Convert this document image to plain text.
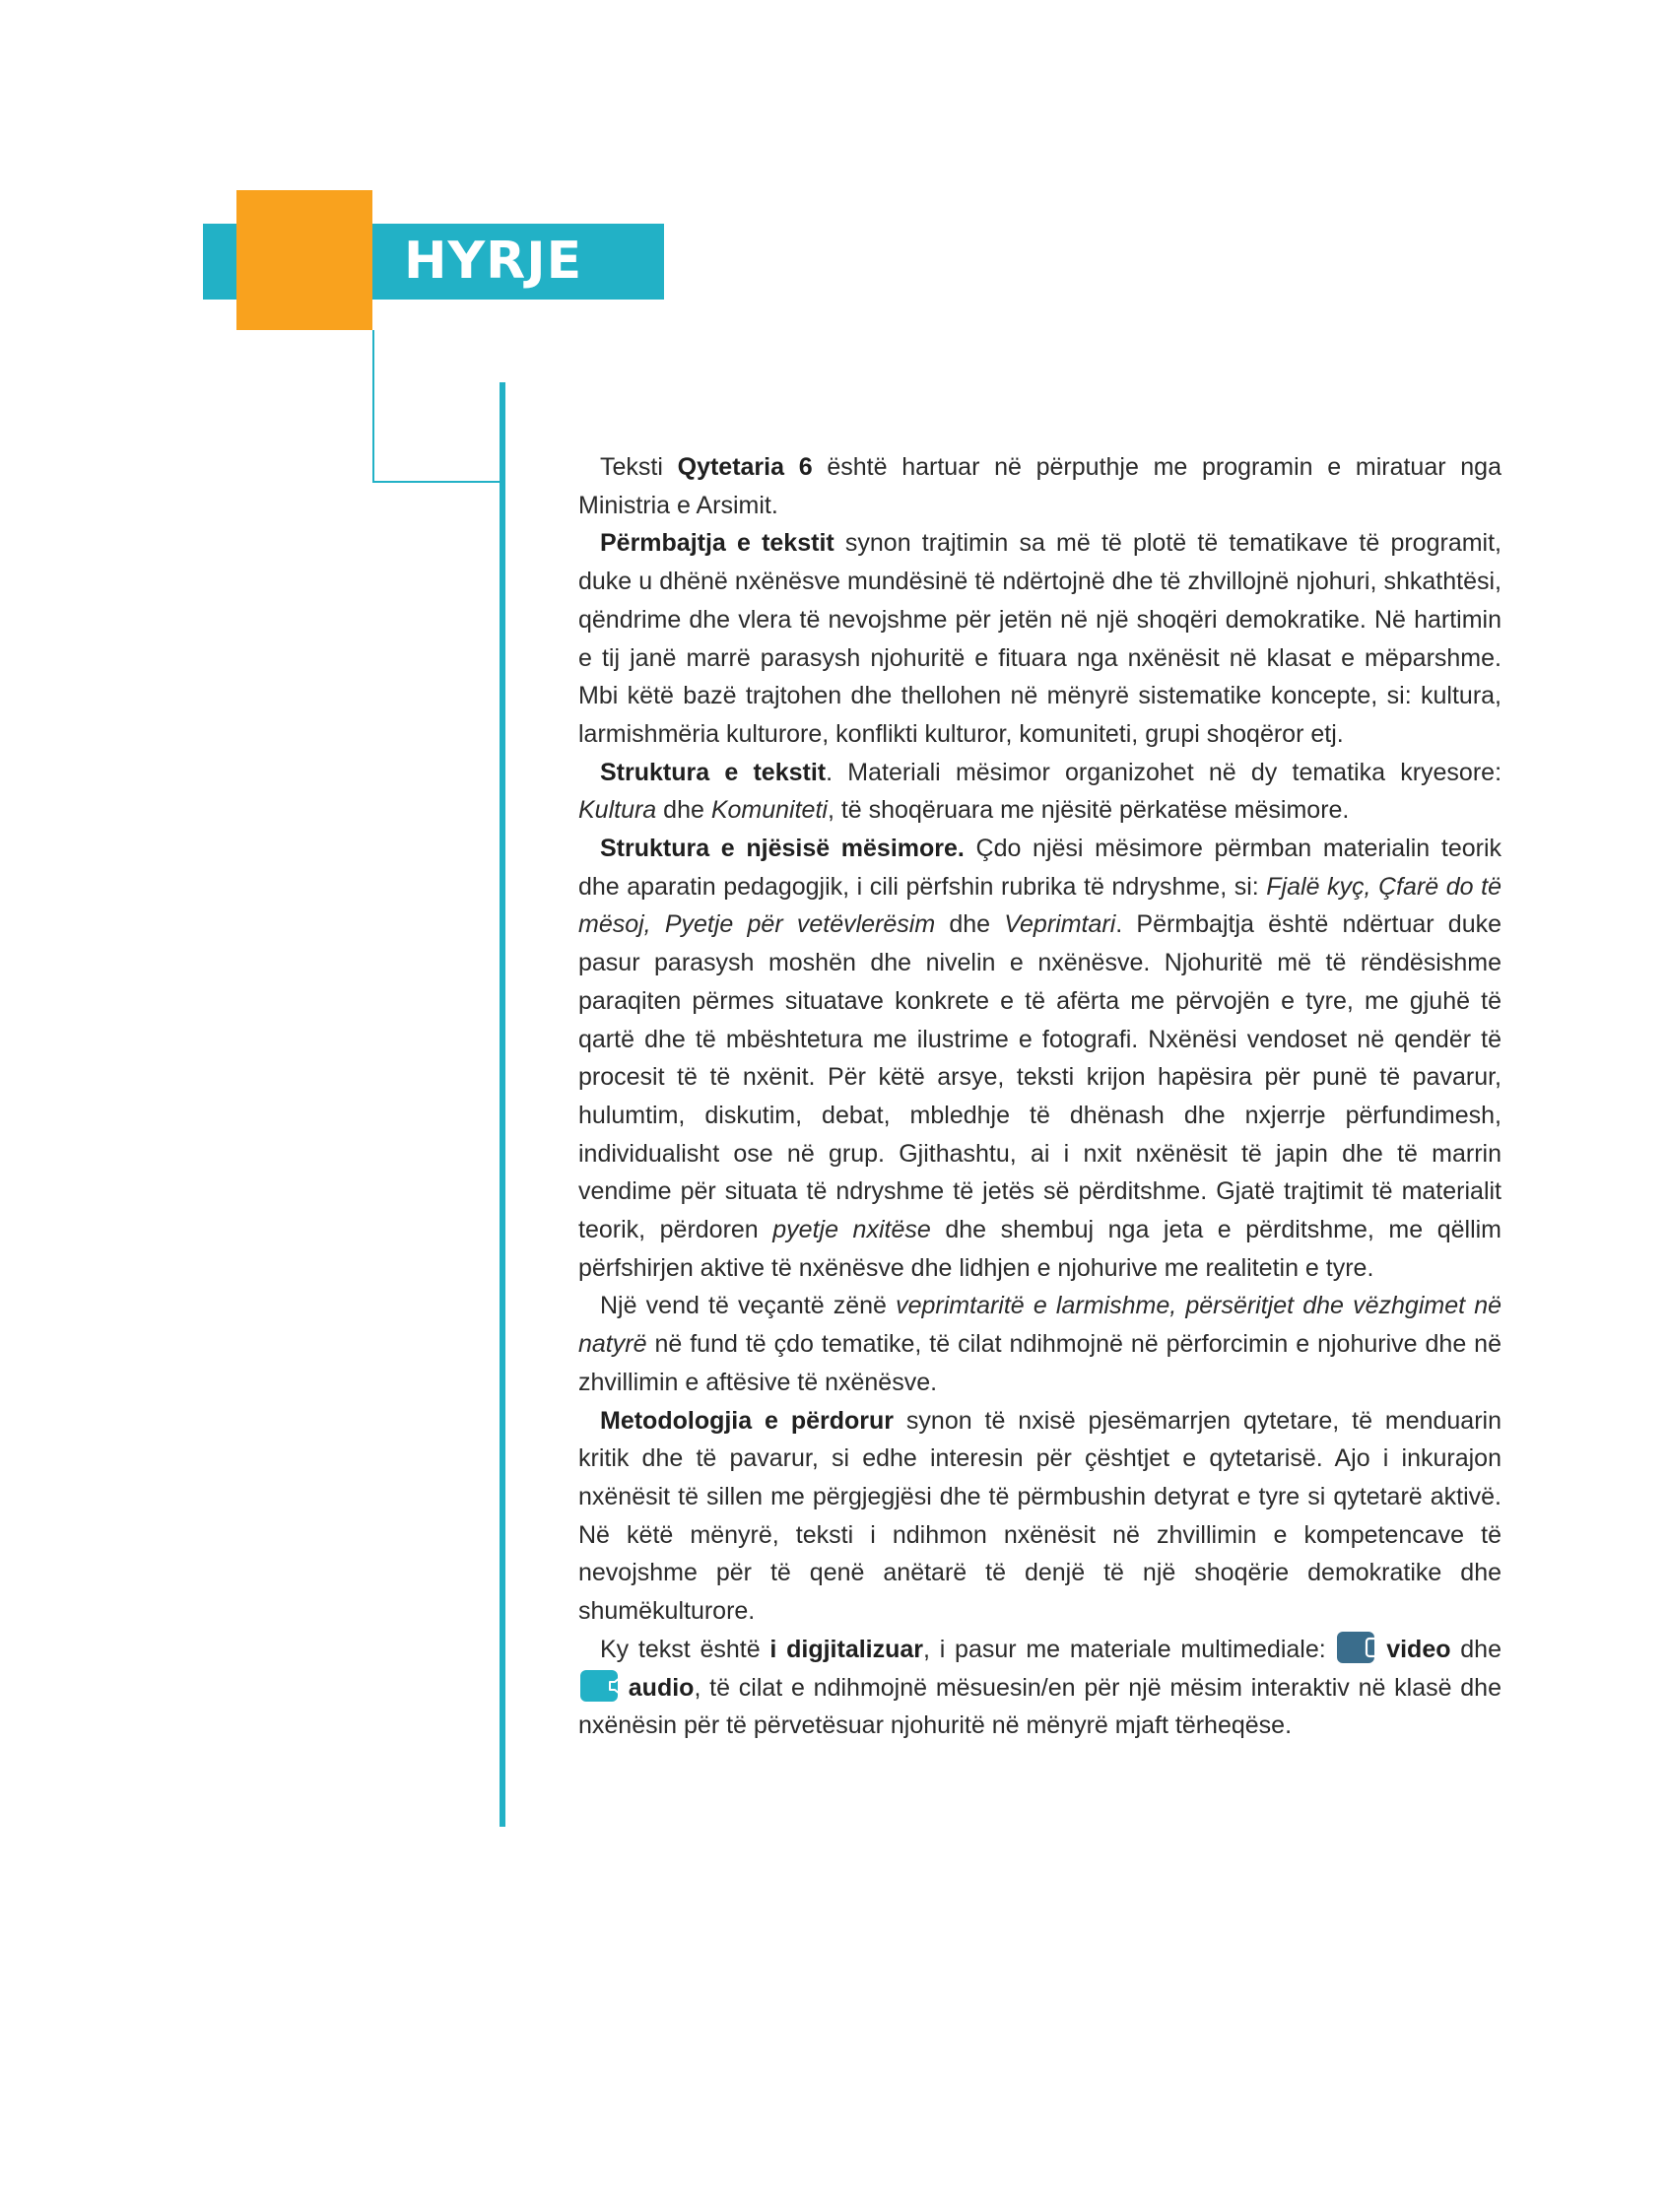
HYRJE

Teksti Qytetaria 6 është hartuar në përputhje me programin e miratuar nga Ministria e Arsimit.

Përmbajtja e tekstit synon trajtimin sa më të plotë të tematikave të programit, duke u dhënë nxënësve mundësinë të ndërtojnë dhe të zhvillojnë njohuri, shkathtësi, qëndrime dhe vlera të nevojshme për jetën në një shoqëri demokratike. Në hartimin e tij janë marrë parasysh njohuritë e fituara nga nxënësit në klasat e mëparshme. Mbi këtë bazë trajtohen dhe thellohen në mënyrë sistematike koncepte, si: kultura, larmishmëria kulturore, konflikti kulturor, komuniteti, grupi shoqëror etj.

Struktura e tekstit. Materiali mësimor organizohet në dy tematika kryesore: Kultura dhe Komuniteti, të shoqëruara me njësitë përkatëse mësimore.

Struktura e njësisë mësimore. Çdo njësi mësimore përmban materialin teorik dhe aparatin pedagogjik, i cili përfshin rubrika të ndryshme, si: Fjalë kyç, Çfarë do të mësoj, Pyetje për vetëvlerësim dhe Veprimtari. Përmbajtja është ndërtuar duke pasur parasysh moshën dhe nivelin e nxënësve. Njohuritë më të rëndësishme paraqiten përmes situatave konkrete e të afërta me përvojën e tyre, me gjuhë të qartë dhe të mbështetura me ilustrime e fotografi. Nxënësi vendoset në qendër të procesit të të nxënit. Për këtë arsye, teksti krijon hapësira për punë të pavarur, hulumtim, diskutim, debat, mbledhje të dhënash dhe nxjerrje përfundimesh, individualisht ose në grup. Gjithashtu, ai i nxit nxënësit të japin dhe të marrin vendime për situata të ndryshme të jetës së përditshme. Gjatë trajtimit të materialit teorik, përdoren pyetje nxitëse dhe shembuj nga jeta e përditshme, me qëllim përfshirjen aktive të nxënësve dhe lidhjen e njohurive me realitetin e tyre.

Një vend të veçantë zënë veprimtaritë e larmishme, përsëritjet dhe vëzhgimet në natyrë në fund të çdo tematike, të cilat ndihmojnë në përforcimin e njohurive dhe në zhvillimin e aftësive të nxënësve.

Metodologjia e përdorur synon të nxisë pjesëmarrjen qytetare, të menduarin kritik dhe të pavarur, si edhe interesin për çështjet e qytetarisë. Ajo i inkurajon nxënësit të sillen me përgjegjësi dhe të përmbushin detyrat e tyre si qytetarë aktivë. Në këtë mënyrë, teksti i ndihmon nxënësit në zhvillimin e kompetencave të nevojshme për të qenë anëtarë të denjë të një shoqërie demokratike dhe shumëkulturore.

Ky tekst është i digjitalizuar, i pasur me materiale multimediale:  video dhe  audio, të cilat e ndihmojnë mësuesin/en për një mësim interaktiv në klasë dhe nxënësin për të përvetësuar njohuritë në mënyrë mjaft tërheqëse.
